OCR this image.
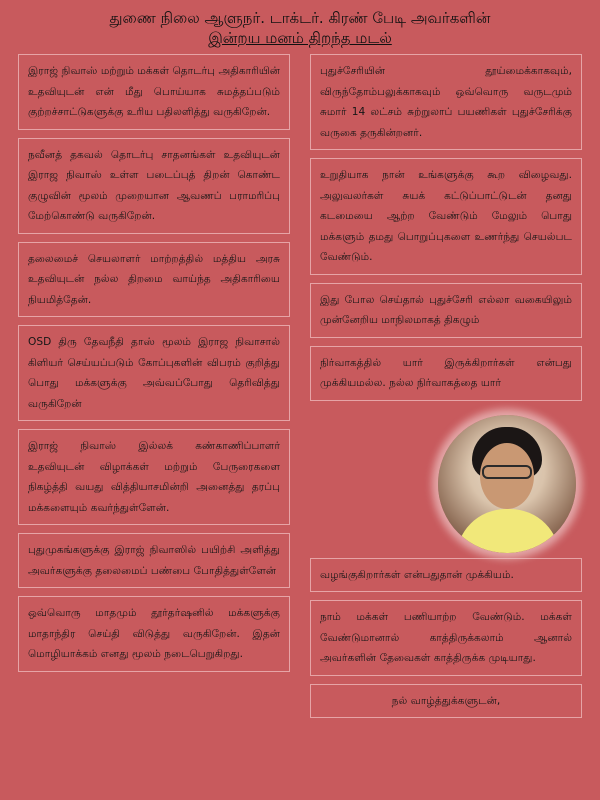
துணை நிலை ஆளுநர். டாக்டர். கிரண் பேடி அவர்களின்
இன்றய மனம் திறந்த மடல்
இராஜ் நிவாஸ் மற்றும் மக்கள் தொடர்பு அதிகாரியின் உதவியுடன் என் மீது பொய்யாக சுமத்தப்படும் குற்றச்சாட்டுகளுக்கு உரிய பதிலளித்து வருகிறேன்.
நவீனத் தகவல் தொடர்பு சாதனங்கள் உதவியுடன் இராஜ நிவாஸ் உள்ள படைப்புத் திறன் கொண்ட குழுவின் மூலம் முறையான ஆவணப் பராமரிப்பு மேற்கொண்டு வருகிறேன்.
தலைமைச் செயலாளர் மாற்றத்தில் மத்திய அரசு உதவியுடன் நல்ல திறமை வாய்ந்த அதிகாரியை நியமித்தேன்.
OSD திரு தேவநீதி தாஸ் மூலம் இராஜ நிவாசால் கிளியர் செய்யப்படும் கோப்புகளின் விபரம் குறித்து பொது மக்களுக்கு அவ்வப்போது தெரிவித்து வருகிறேன்
இராஜ் நிவாஸ் இல்லக் கண்காணிப்பாளர் உதவியுடன் விழாக்கள் மற்றும் பேருரைகளை நிகழ்த்தி வயது வித்தியாசமின்றி அனைத்து தரப்பு மக்களையும் கவர்ந்துள்ளேன்.
புதுமுகங்களுக்கு இராஜ் நிவாஸில் பயிற்சி அளித்து அவர்களுக்கு தலைமைப் பண்பை போதித்துள்ளேன்
ஒவ்வொரு மாதமும் தூர்தர்ஷனில் மக்களுக்கு மாதாந்திர செய்தி விடுத்து வருகிறேன். இதன் மொழியாக்கம் எனது மூலம் நடைபெறுகிறது.
புதுச்சேரியின் தூய்மைக்காகவும், விருந்தோம்பலுக்காகவும் ஒவ்வொரு வருடமும் சுமார் 14 லட்சம் சுற்றுலாப் பயணிகள் புதுச்சேரிக்கு வருகை தருகின்றனர்.
உறுதியாக நான் உங்களுக்கு கூற விழைவது. அலுவலர்கள் சுயக் கட்டுப்பாட்டுடன் தனது கடமையை ஆற்ற வேண்டும் மேலும் பொது மக்களும் தமது பொறுப்புகளை உணர்ந்து செயல்பட வேண்டும்.
இது போல செய்தால் புதுச்சேரி எல்லா வகையிலும் முன்னேறிய மாநிலமாகத் திகழும்
நிர்வாகத்தில் யார் இருக்கிறார்கள் என்பது முக்கியமல்ல. நல்ல நிர்வாகத்தை யார்
வழங்குகிறார்கள் என்பதுதான் முக்கியம்.
நாம் மக்கள் பணியாற்ற வேண்டும். மக்கள் வேண்டுமானால் காத்திருக்கலாம் ஆனால் அவர்களின் தேவைகள் காத்திருக்க முடியாது.
நல் வாழ்த்துக்களுடன்,
